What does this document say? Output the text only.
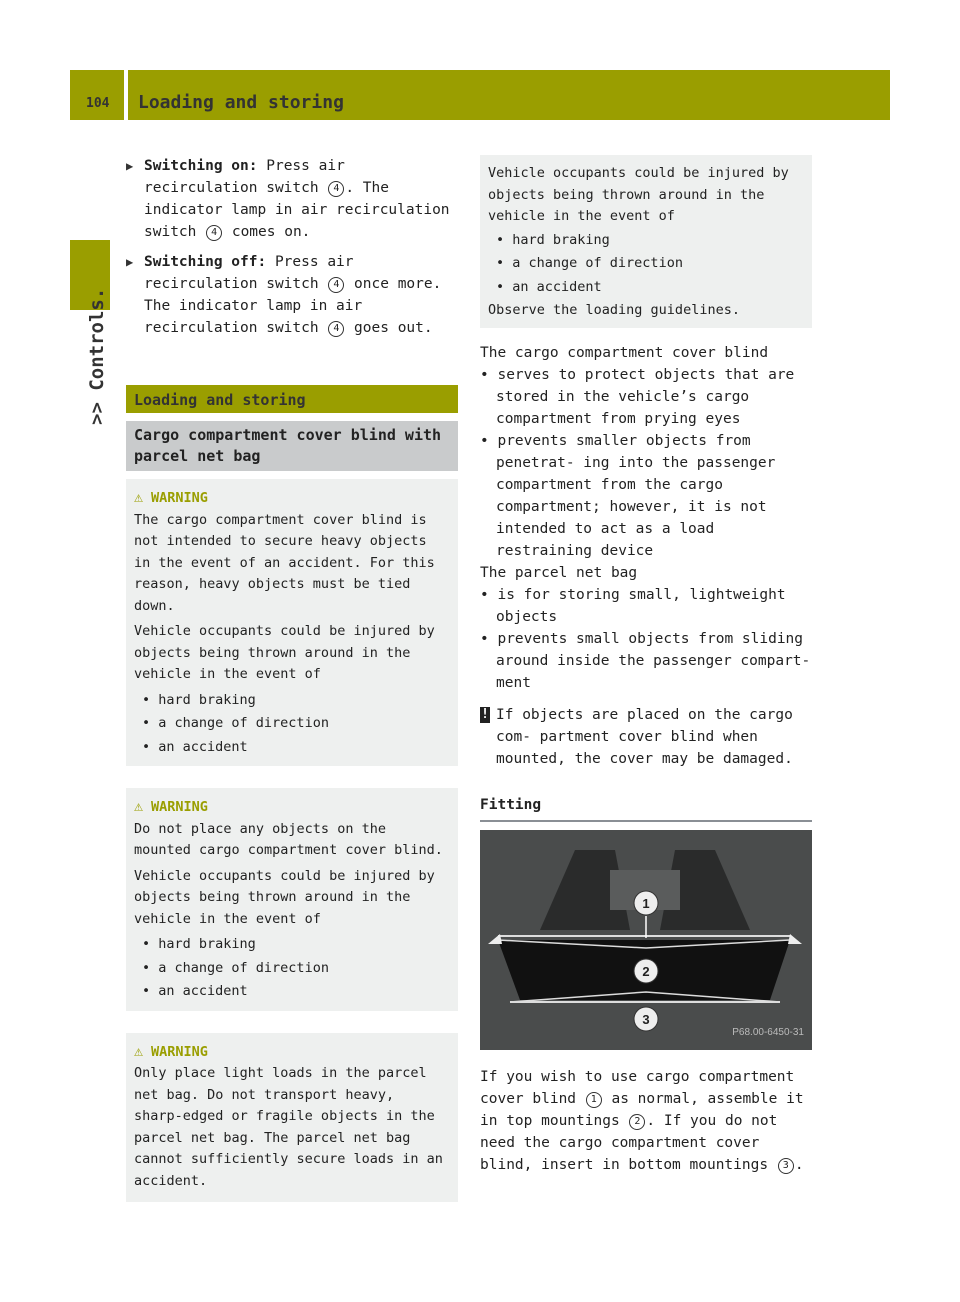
104 Loading and storing
>> Controls.
▶ Switching on: Press air recirculation switch 4 . The indicator lamp in air recirculation switch 4 comes on.
▶ Switching off: Press air recirculation switch 4 once more. The indicator lamp in air recirculation switch 4 goes out.
Loading and storing
Cargo compartment cover blind with parcel net bag
⚠ WARNING

The cargo compartment cover blind is not intended to secure heavy objects in the event of an accident. For this reason, heavy objects must be tied down.

Vehicle occupants could be injured by objects being thrown around in the vehicle in the event of

• hard braking
• a change of direction
• an accident
⚠ WARNING

Do not place any objects on the mounted cargo compartment cover blind.

Vehicle occupants could be injured by objects being thrown around in the vehicle in the event of

• hard braking
• a change of direction
• an accident
⚠ WARNING

Only place light loads in the parcel net bag. Do not transport heavy, sharp-edged or fragile objects in the parcel net bag. The parcel net bag cannot sufficiently secure loads in an accident.

Vehicle occupants could be injured by objects being thrown around in the vehicle in the event of

• hard braking
• a change of direction
• an accident

Observe the loading guidelines.

The cargo compartment cover blind

• serves to protect objects that are stored in the vehicle’s cargo compartment from prying eyes

• prevents smaller objects from penetrat- ing into the passenger compartment from the cargo compartment; however, it is not intended to act as a load restraining device

The parcel net bag

• is for storing small, lightweight objects

• prevents small objects from sliding around inside the passenger compart- ment

! If objects are placed on the cargo com- partment cover blind when mounted, the cover may be damaged.
Fitting
1
2
3
P68.00-6450-31
If you wish to use cargo compartment cover blind 1 as normal, assemble it in top mountings 2 . If you do not need the cargo compartment cover blind, insert in bottom mountings 3 .
